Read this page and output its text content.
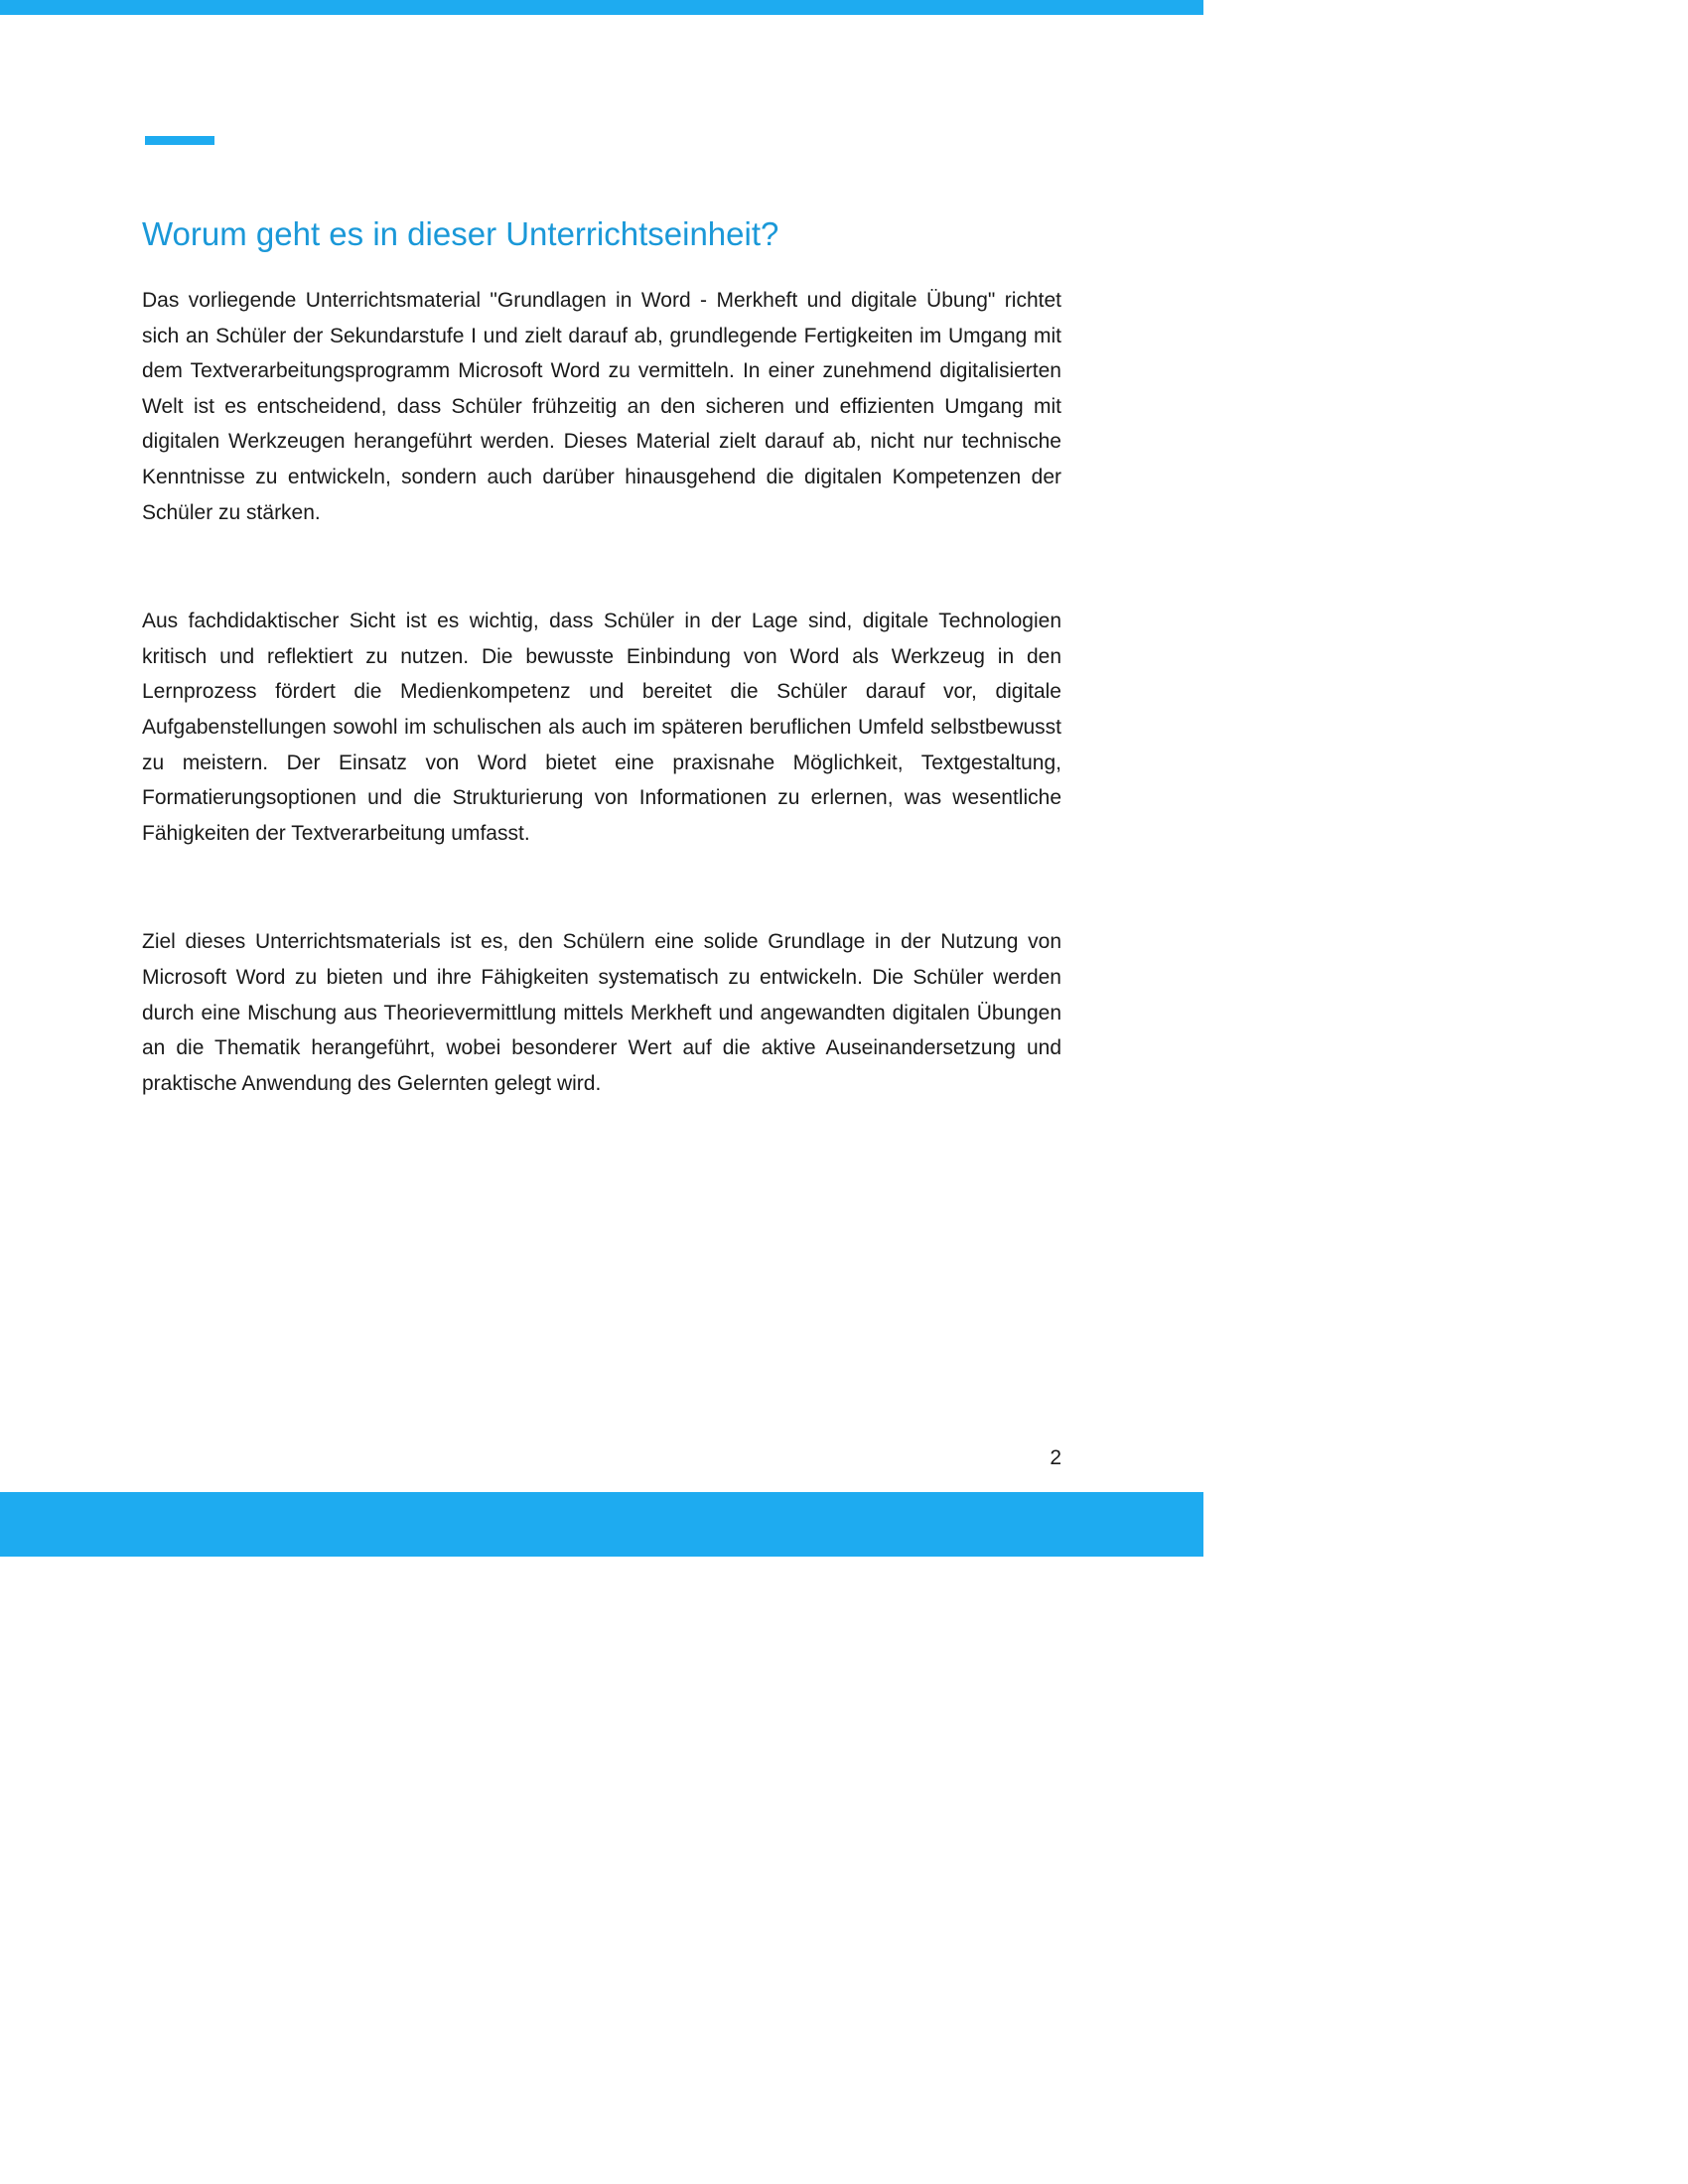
Worum geht es in dieser Unterrichtseinheit?

Das vorliegende Unterrichtsmaterial "Grundlagen in Word - Merkheft und digitale Übung" richtet sich an Schüler der Sekundarstufe I und zielt darauf ab, grundlegende Fertigkeiten im Umgang mit dem Textverarbeitungsprogramm Microsoft Word zu vermitteln. In einer zunehmend digitalisierten Welt ist es entscheidend, dass Schüler frühzeitig an den sicheren und effizienten Umgang mit digitalen Werkzeugen herangeführt werden. Dieses Material zielt darauf ab, nicht nur technische Kenntnisse zu entwickeln, sondern auch darüber hinausgehend die digitalen Kompetenzen der Schüler zu stärken.

Aus fachdidaktischer Sicht ist es wichtig, dass Schüler in der Lage sind, digitale Technologien kritisch und reflektiert zu nutzen. Die bewusste Einbindung von Word als Werkzeug in den Lernprozess fördert die Medienkompetenz und bereitet die Schüler darauf vor, digitale Aufgabenstellungen sowohl im schulischen als auch im späteren beruflichen Umfeld selbstbewusst zu meistern. Der Einsatz von Word bietet eine praxisnahe Möglichkeit, Textgestaltung, Formatierungsoptionen und die Strukturierung von Informationen zu erlernen, was wesentliche Fähigkeiten der Textverarbeitung umfasst.

Ziel dieses Unterrichtsmaterials ist es, den Schülern eine solide Grundlage in der Nutzung von Microsoft Word zu bieten und ihre Fähigkeiten systematisch zu entwickeln. Die Schüler werden durch eine Mischung aus Theorievermittlung mittels Merkheft und angewandten digitalen Übungen an die Thematik herangeführt, wobei besonderer Wert auf die aktive Auseinandersetzung und praktische Anwendung des Gelernten gelegt wird.

2
